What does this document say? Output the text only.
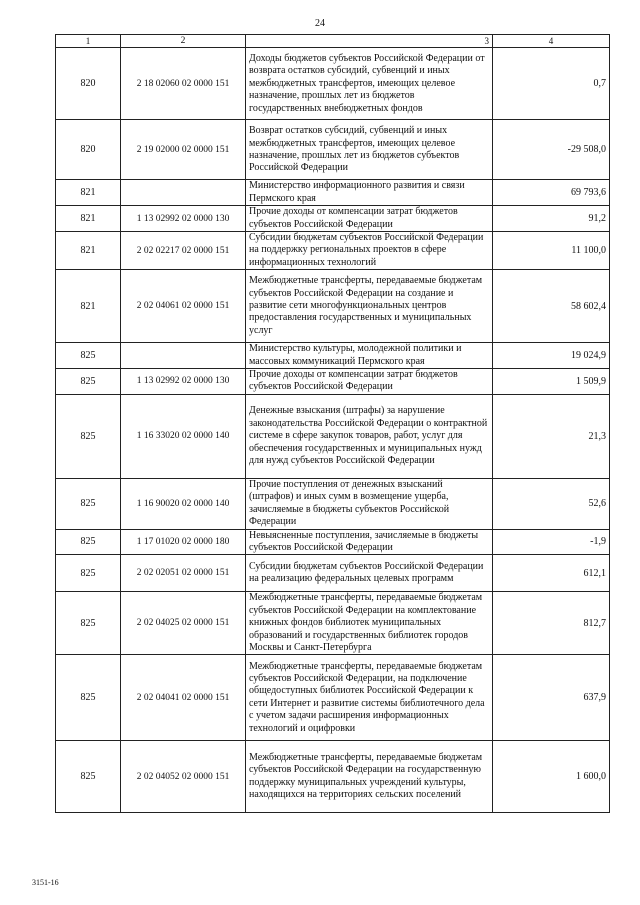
24
1	2	3	4
820	2 18 02060 02 0000 151	Доходы бюджетов субъектов Российской Федерации от возврата остатков субсидий, субвенций и иных межбюджетных трансфертов, имеющих целевое назначение, прошлых лет из бюджетов государственных внебюджетных фондов	0,7
820	2 19 02000 02 0000 151	Возврат остатков субсидий, субвенций и иных межбюджетных трансфертов, имеющих целевое назначение, прошлых лет из бюджетов субъектов Российской Федерации	-29 508,0
821		Министерство информационного развития и связи Пермского края	69 793,6
821	1 13 02992 02 0000 130	Прочие доходы от компенсации затрат бюджетов субъектов Российской Федерации	91,2
821	2 02 02217 02 0000 151	Субсидии бюджетам субъектов Российской Федерации на поддержку региональных проектов в сфере информационных технологий	11 100,0
821	2 02 04061 02 0000 151	Межбюджетные трансферты, передаваемые бюджетам субъектов Российской Федерации на создание и развитие сети многофункциональных центров предоставления государственных и муниципальных услуг	58 602,4
825		Министерство культуры, молодежной политики и массовых коммуникаций Пермского края	19 024,9
825	1 13 02992 02 0000 130	Прочие доходы от компенсации затрат бюджетов субъектов Российской Федерации	1 509,9
825	1 16 33020 02 0000 140	Денежные взыскания (штрафы) за нарушение законодательства Российской Федерации о контрактной системе в сфере закупок товаров, работ, услуг для обеспечения государственных и муниципальных нужд для нужд субъектов Российской Федерации	21,3
825	1 16 90020 02 0000 140	Прочие поступления от денежных взысканий (штрафов) и иных сумм в возмещение ущерба, зачисляемые в бюджеты субъектов Российской Федерации	52,6
825	1 17 01020 02 0000 180	Невыясненные поступления, зачисляемые в бюджеты субъектов Российской Федерации	-1,9
825	2 02 02051 02 0000 151	Субсидии бюджетам субъектов Российской Федерации на реализацию федеральных целевых программ	612,1
825	2 02 04025 02 0000 151	Межбюджетные трансферты, передаваемые бюджетам субъектов Российской Федерации на комплектование книжных фондов библиотек муниципальных образований и государственных библиотек городов Москвы и Санкт-Петербурга	812,7
825	2 02 04041 02 0000 151	Межбюджетные трансферты, передаваемые бюджетам субъектов Российской Федерации, на подключение общедоступных библиотек Российской Федерации к сети Интернет и развитие системы библиотечного дела с учетом задачи расширения информационных технологий и оцифровки	637,9
825	2 02 04052 02 0000 151	Межбюджетные трансферты, передаваемые бюджетам субъектов Российской Федерации на государственную поддержку муниципальных учреждений культуры, находящихся на территориях сельских поселений	1 600,0
3151-16
